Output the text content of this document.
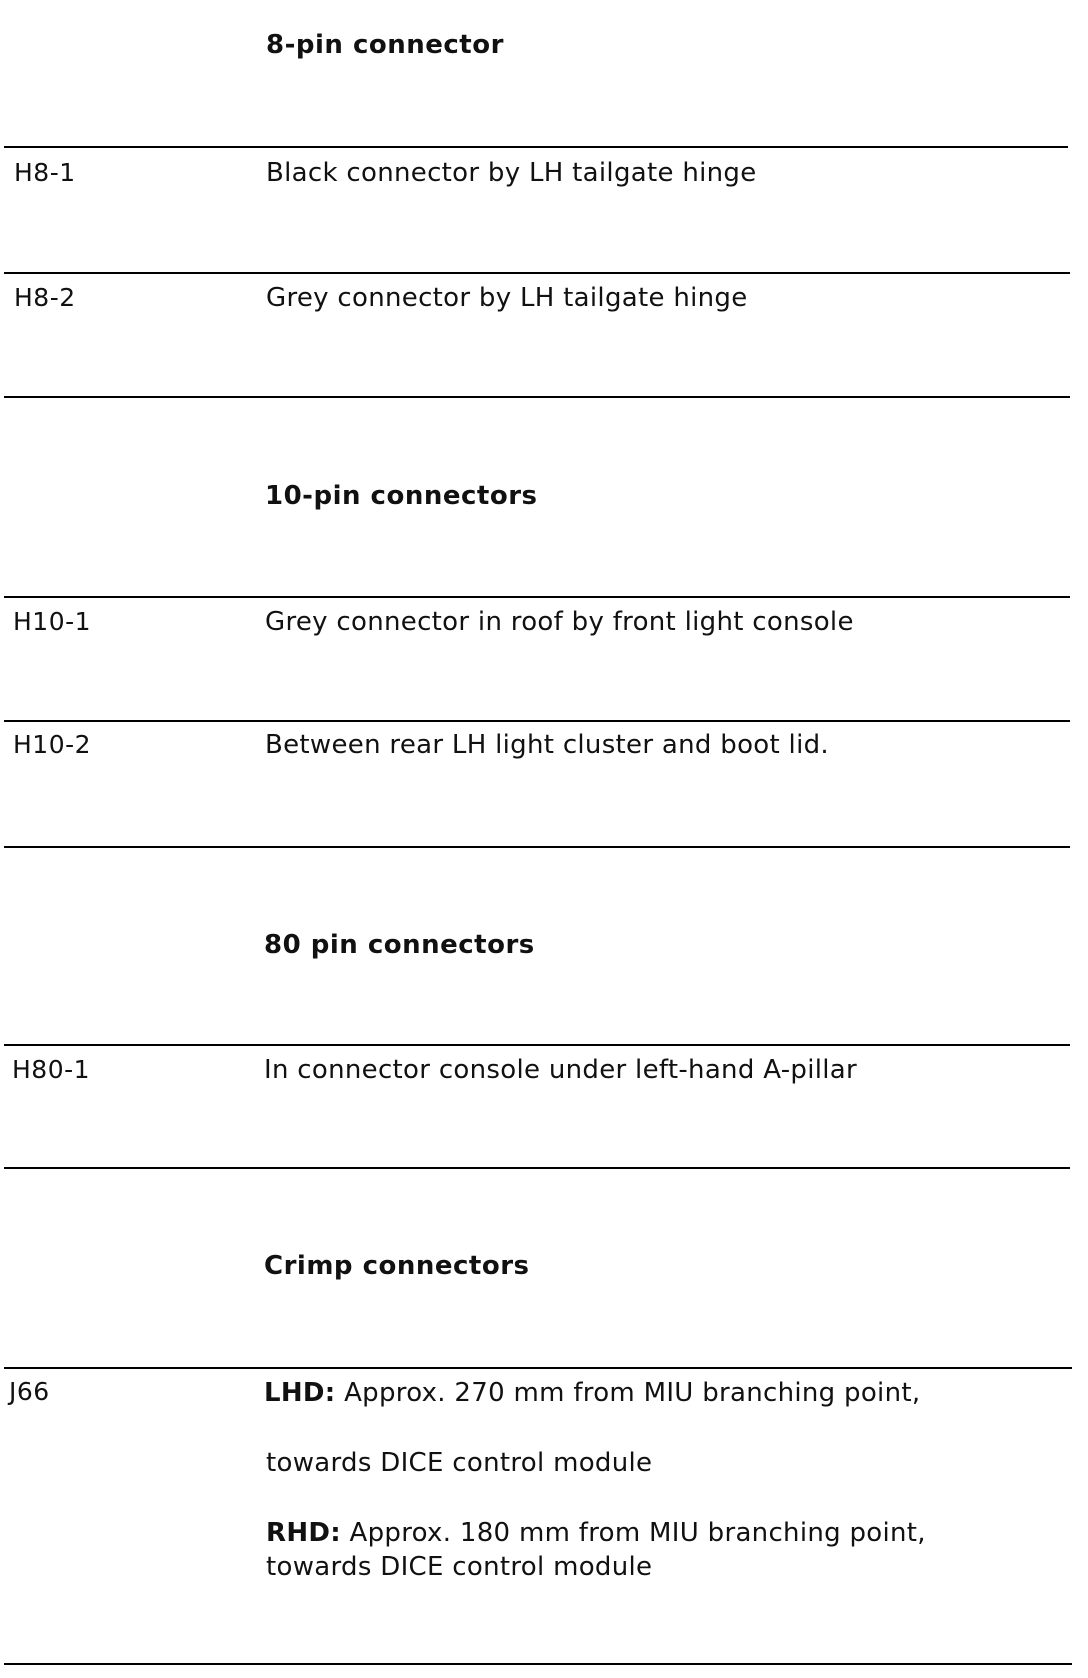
8-pin connector
H8-1	Black connector by LH tailgate hinge
H8-2	Grey connector by LH tailgate hinge
10-pin connectors
H10-1	Grey connector in roof by front light console
H10-2	Between rear LH light cluster and boot lid.
80 pin connectors
H80-1	In connector console under left-hand A-pillar
Crimp connectors
J66	LHD: Approx. 270 mm from MIU branching point,
towards DICE control module
RHD: Approx. 180 mm from MIU branching point,
towards DICE control module
